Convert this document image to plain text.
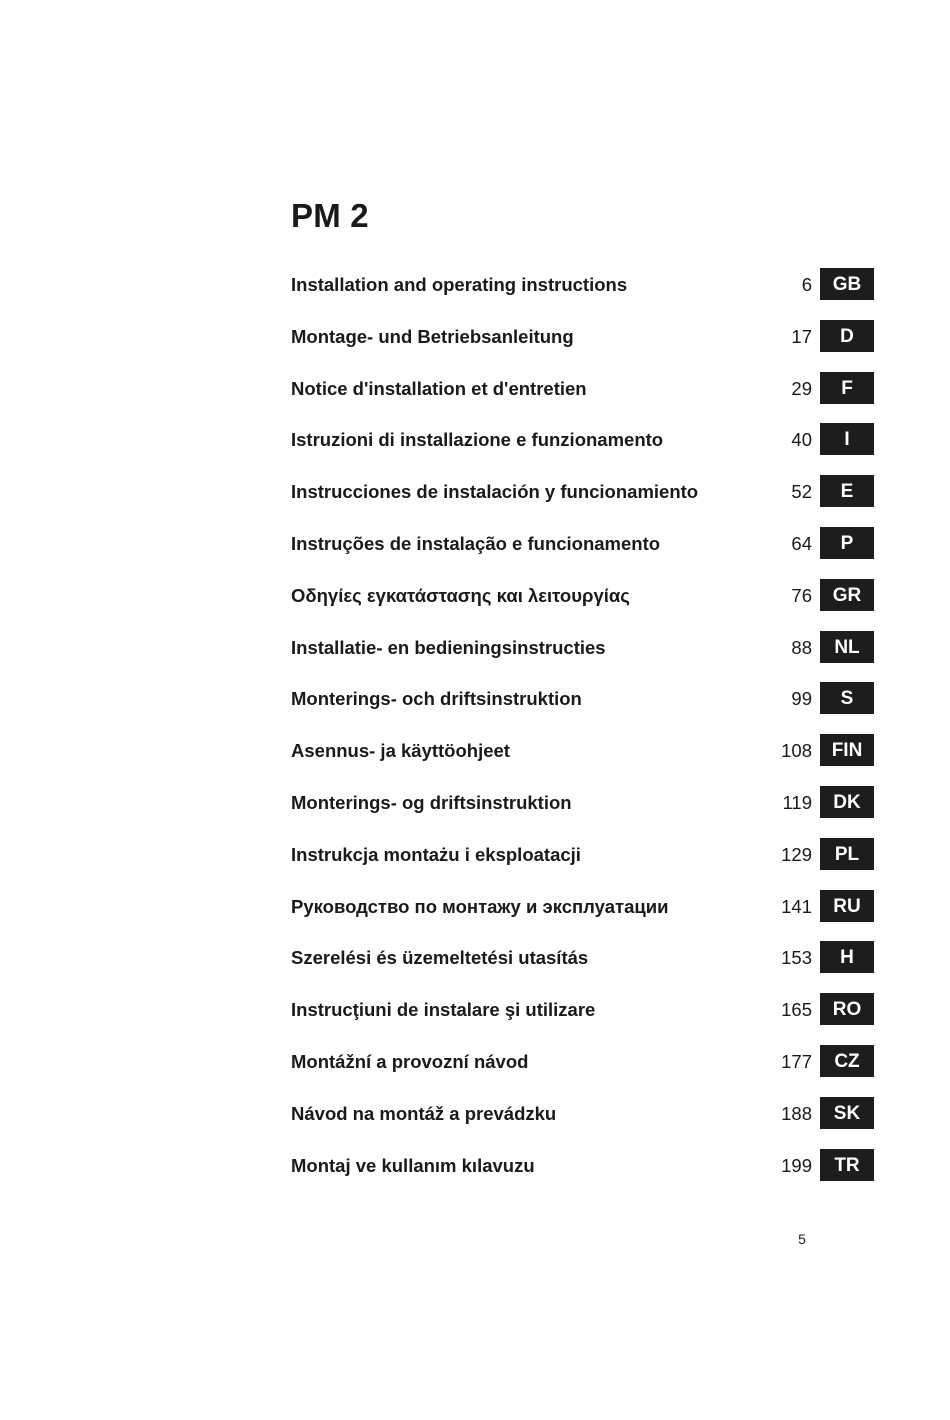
PM 2
Installation and operating instructions	6	GB
Montage- und Betriebsanleitung	17	D
Notice d'installation et d'entretien	29	F
Istruzioni di installazione e funzionamento	40	I
Instrucciones de instalación y funcionamiento	52	E
Instruções de instalação e funcionamento	64	P
Οδηγίες εγκατάστασης και λειτουργίας	76	GR
Installatie- en bedieningsinstructies	88	NL
Monterings- och driftsinstruktion	99	S
Asennus- ja käyttöohjeet	108	FIN
Monterings- og driftsinstruktion	119	DK
Instrukcja montażu i eksploatacji	129	PL
Руководство по монтажу и эксплуатации	141	RU
Szerelési és üzemeltetési utasítás	153	H
Instrucţiuni de instalare şi utilizare	165	RO
Montážní a provozní návod	177	CZ
Návod na montáž a prevádzku	188	SK
Montaj ve kullanım kılavuzu	199	TR
5
